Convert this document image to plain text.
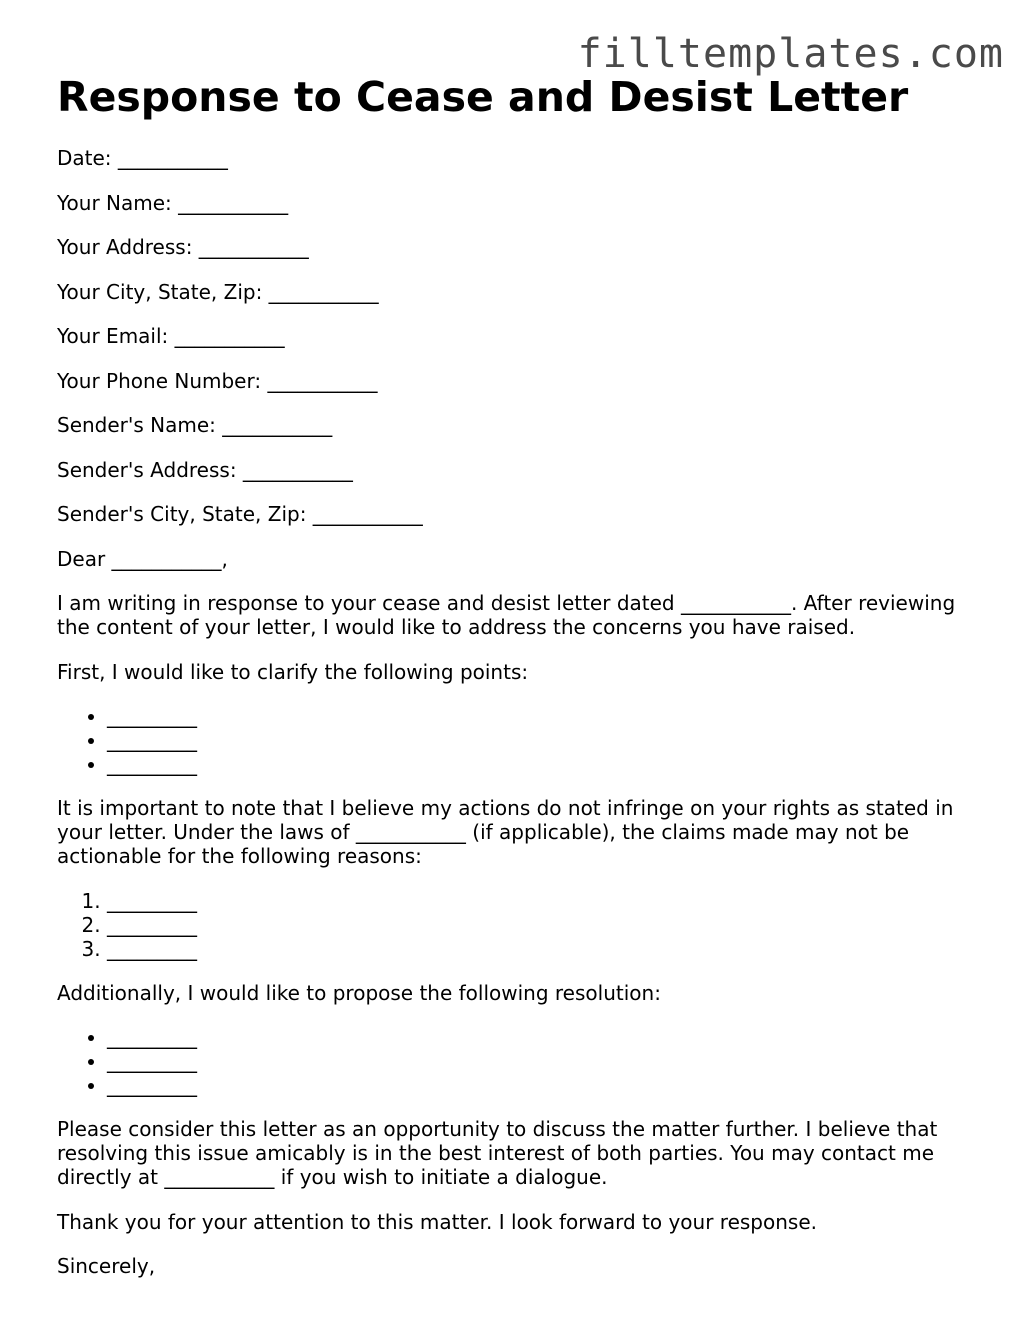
filltemplates.com
Response to Cease and Desist Letter
Date: ___________
Your Name: ___________
Your Address: ___________
Your City, State, Zip: ___________
Your Email: ___________
Your Phone Number: ___________
Sender's Name: ___________
Sender's Address: ___________
Sender's City, State, Zip: ___________
Dear ___________,

I am writing in response to your cease and desist letter dated ___________. After reviewing the content of your letter, I would like to address the concerns you have raised.

First, I would like to clarify the following points:

• _________
• _________
• _________

It is important to note that I believe my actions do not infringe on your rights as stated in your letter. Under the laws of ___________ (if applicable), the claims made may not be actionable for the following reasons:

1. _________
2. _________
3. _________

Additionally, I would like to propose the following resolution:

• _________
• _________
• _________

Please consider this letter as an opportunity to discuss the matter further. I believe that resolving this issue amicably is in the best interest of both parties. You may contact me directly at ___________ if you wish to initiate a dialogue.

Thank you for your attention to this matter. I look forward to your response.

Sincerely,
